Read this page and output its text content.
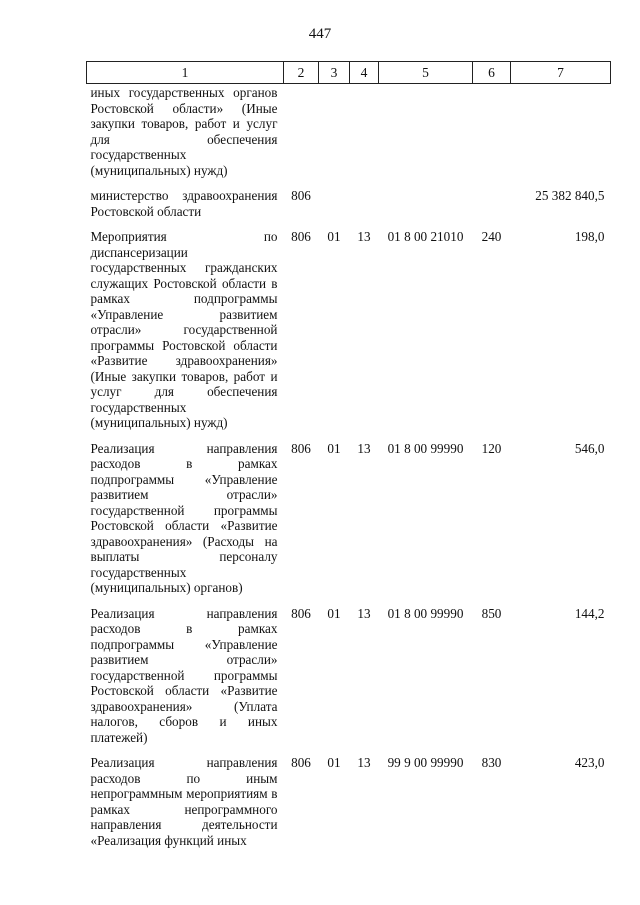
447
1	2	3	4	5	6	7
иных государственных органов Ростовской области» (Иные закупки товаров, работ и услуг для обеспечения государственных (муниципальных) нужд)						
министерство здравоохранения Ростовской области	806					25 382 840,5
Мероприятия по диспансеризации государственных гражданских служащих Ростовской области в рамках подпрограммы «Управление развитием отрасли» государственной программы Ростовской области «Развитие здравоохранения» (Иные закупки товаров, работ и услуг для обеспечения государственных (муниципальных) нужд)	806	01	13	01 8 00 21010	240	198,0
Реализация направления расходов в рамках подпрограммы «Управление развитием отрасли» государственной программы Ростовской области «Развитие здравоохранения» (Расходы на выплаты персоналу государственных (муниципальных) органов)	806	01	13	01 8 00 99990	120	546,0
Реализация направления расходов в рамках подпрограммы «Управление развитием отрасли» государственной программы Ростовской области «Развитие здравоохранения» (Уплата налогов, сборов и иных платежей)	806	01	13	01 8 00 99990	850	144,2
Реализация направления расходов по иным непрограммным мероприятиям в рамках непрограммного направления деятельности «Реализация функций иных	806	01	13	99 9 00 99990	830	423,0
